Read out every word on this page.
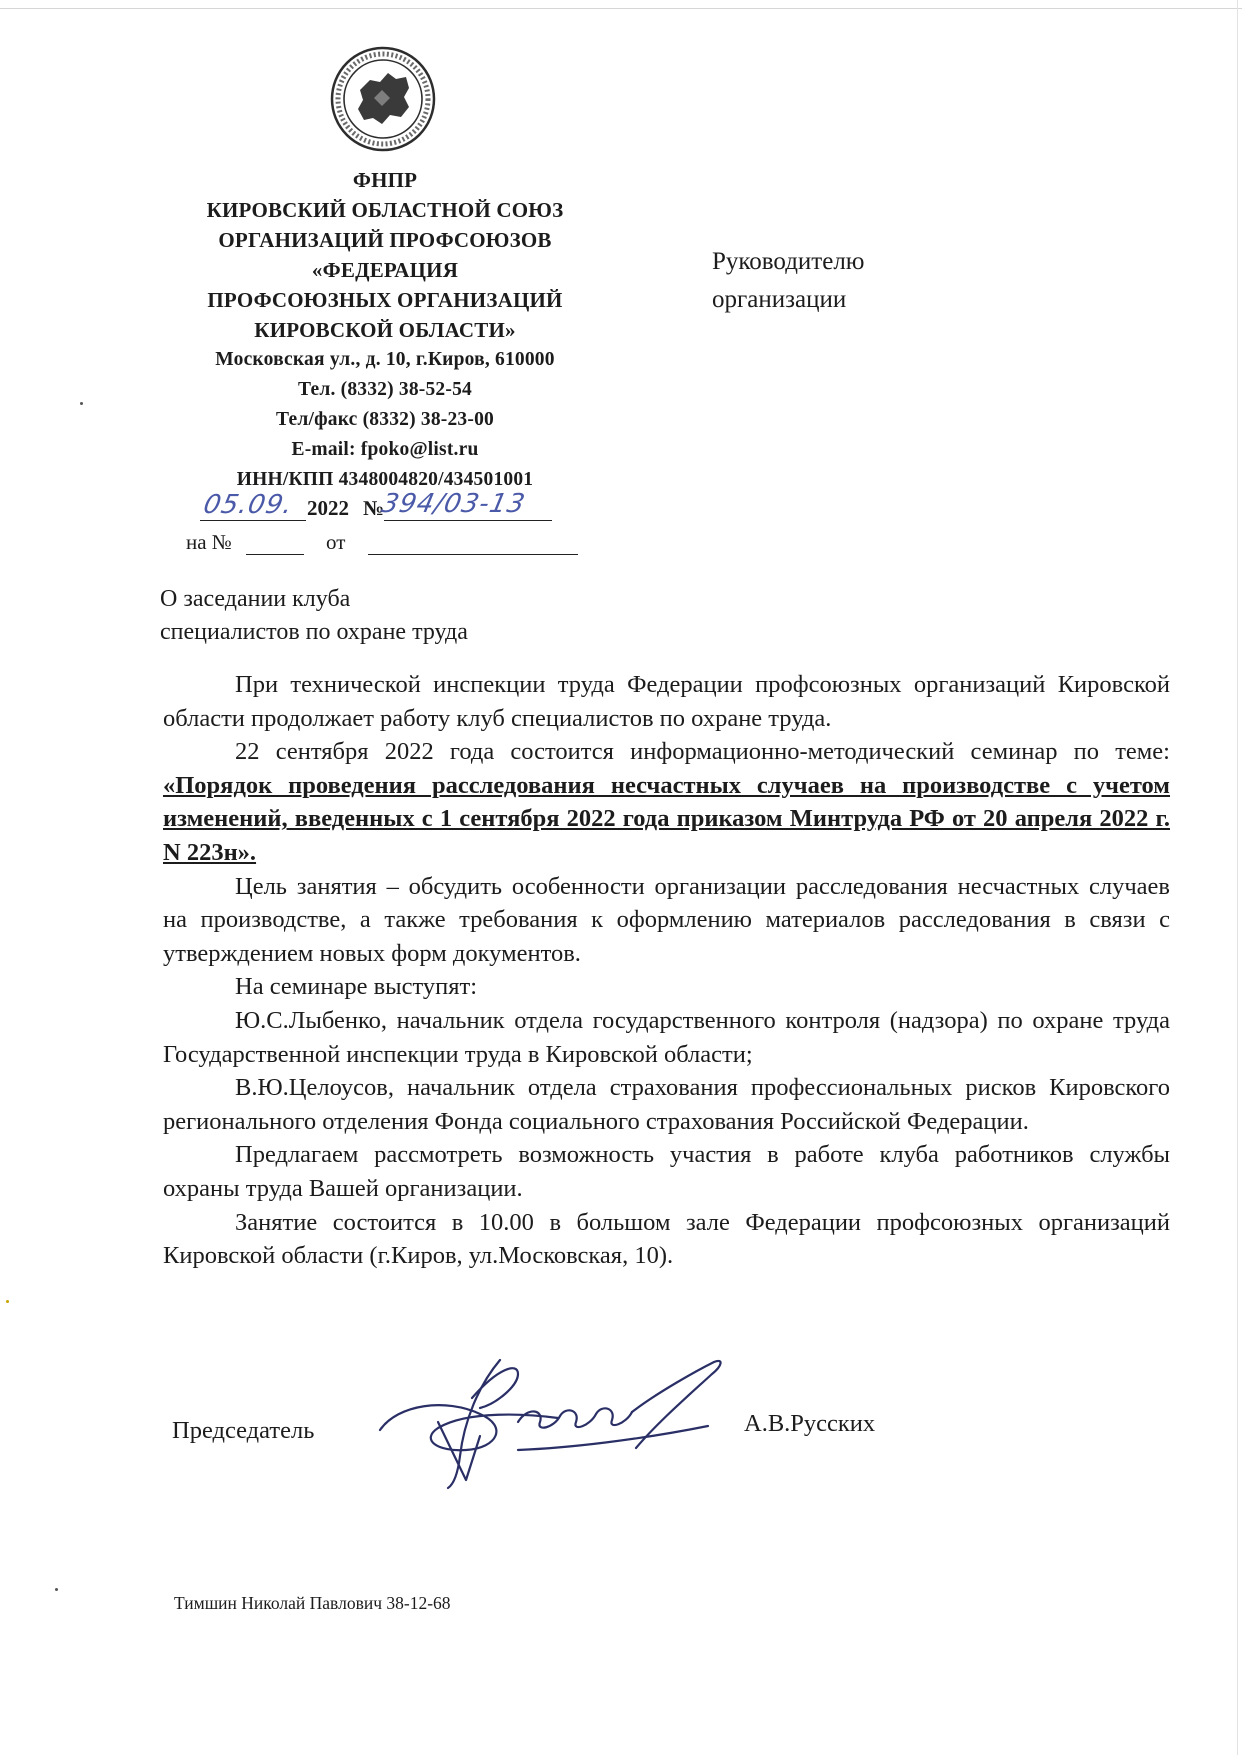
ФНПР
КИРОВСКИЙ ОБЛАСТНОЙ СОЮЗ
ОРГАНИЗАЦИЙ ПРОФСОЮЗОВ
«ФЕДЕРАЦИЯ
ПРОФСОЮЗНЫХ ОРГАНИЗАЦИЙ
КИРОВСКОЙ ОБЛАСТИ»
Московская ул., д. 10, г.Киров, 610000
Тел. (8332) 38-52-54
Тел/факс (8332) 38-23-00
E-mail: fpoko@list.ru
ИНН/КПП 4348004820/434501001
05.09. 2022 №
394/03-13
на №	от
Руководителю
организации
О заседании клуба
специалистов по охране труда

При технической инспекции труда Федерации профсоюзных организаций Кировской области продолжает работу клуб специалистов по охране труда.

22 сентября 2022 года состоится информационно-методический семинар по теме: «Порядок проведения расследования несчастных случаев на производстве с учетом изменений, введенных с 1 сентября 2022 года приказом Минтруда РФ от 20 апреля 2022 г. N 223н».

Цель занятия – обсудить особенности организации расследования несчастных случаев на производстве, а также требования к оформлению материалов расследования в связи с утверждением новых форм документов.

На семинаре выступят:

Ю.С.Лыбенко, начальник отдела государственного контроля (надзора) по охране труда Государственной инспекции труда в Кировской области;

В.Ю.Целоусов, начальник отдела страхования профессиональных рисков Кировского регионального отделения Фонда социального страхования Российской Федерации.

Предлагаем рассмотреть возможность участия в работе клуба работников службы охраны труда Вашей организации.

Занятие состоится в 10.00 в большом зале Федерации профсоюзных организаций Кировской области (г.Киров, ул.Московская, 10).

Председатель	А.В.Русских
Тимшин Николай Павлович 38-12-68
